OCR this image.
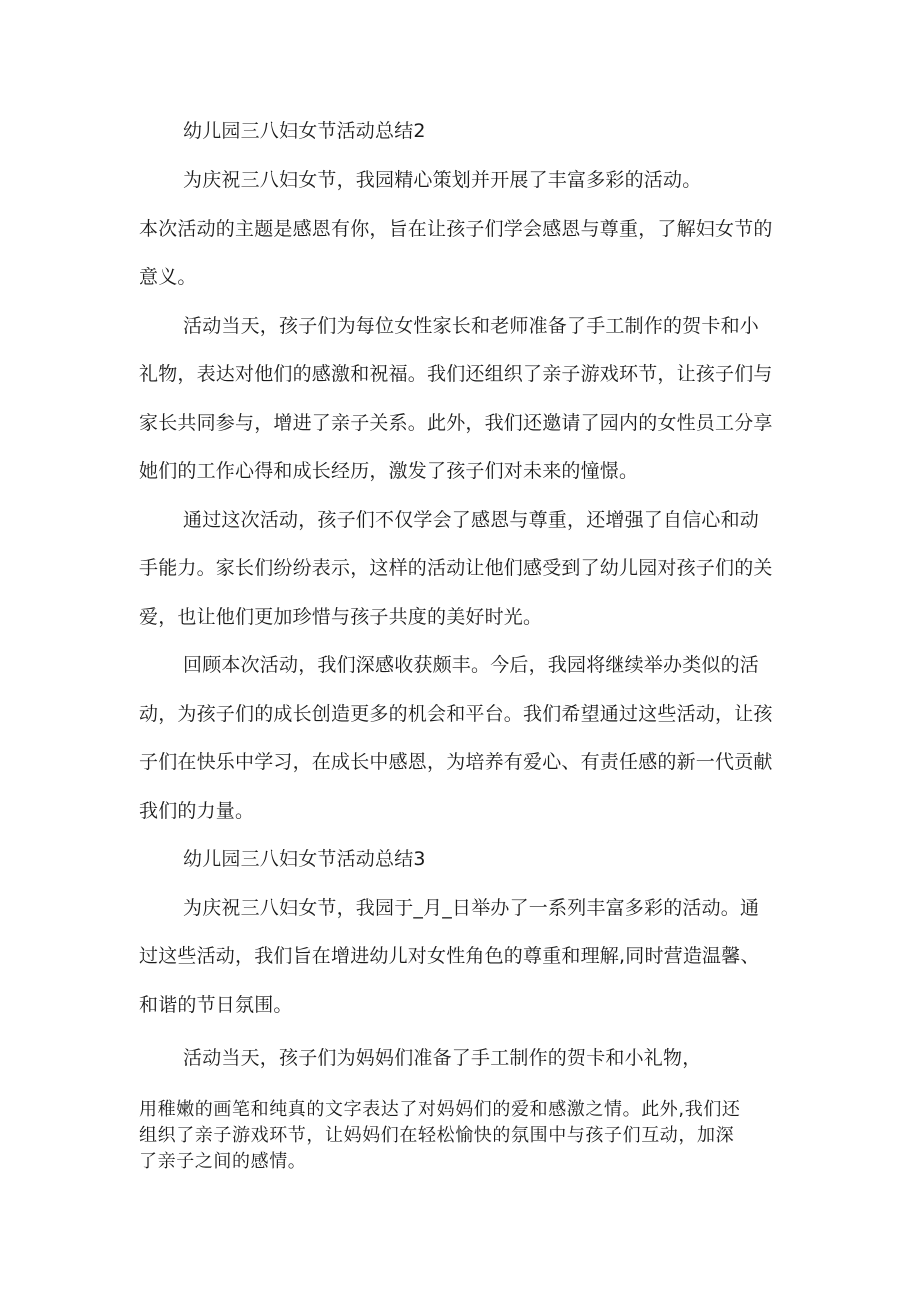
幼儿园三八妇女节活动总结2
为庆祝三八妇女节，我园精心策划并开展了丰富多彩的活动。
本次活动的主题是感恩有你，旨在让孩子们学会感恩与尊重，了解妇女节的
意义。
活动当天，孩子们为每位女性家长和老师准备了手工制作的贺卡和小
礼物，表达对他们的感激和祝福。我们还组织了亲子游戏环节，让孩子们与
家长共同参与，增进了亲子关系。此外，我们还邀请了园内的女性员工分享
她们的工作心得和成长经历，激发了孩子们对未来的憧憬。
通过这次活动，孩子们不仅学会了感恩与尊重，还增强了自信心和动
手能力。家长们纷纷表示，这样的活动让他们感受到了幼儿园对孩子们的关
爱，也让他们更加珍惜与孩子共度的美好时光。
回顾本次活动，我们深感收获颇丰。今后，我园将继续举办类似的活
动，为孩子们的成长创造更多的机会和平台。我们希望通过这些活动，让孩
子们在快乐中学习，在成长中感恩，为培养有爱心、有责任感的新一代贡献
我们的力量。
幼儿园三八妇女节活动总结3
为庆祝三八妇女节，我园于_月_日举办了一系列丰富多彩的活动。通
过这些活动，我们旨在增进幼儿对女性角色的尊重和理解,同时营造温馨、
和谐的节日氛围。
活动当天，孩子们为妈妈们准备了手工制作的贺卡和小礼物，
用稚嫩的画笔和纯真的文字表达了对妈妈们的爱和感激之情。此外,我们还
组织了亲子游戏环节，让妈妈们在轻松愉快的氛围中与孩子们互动，加深
了亲子之间的感情。
